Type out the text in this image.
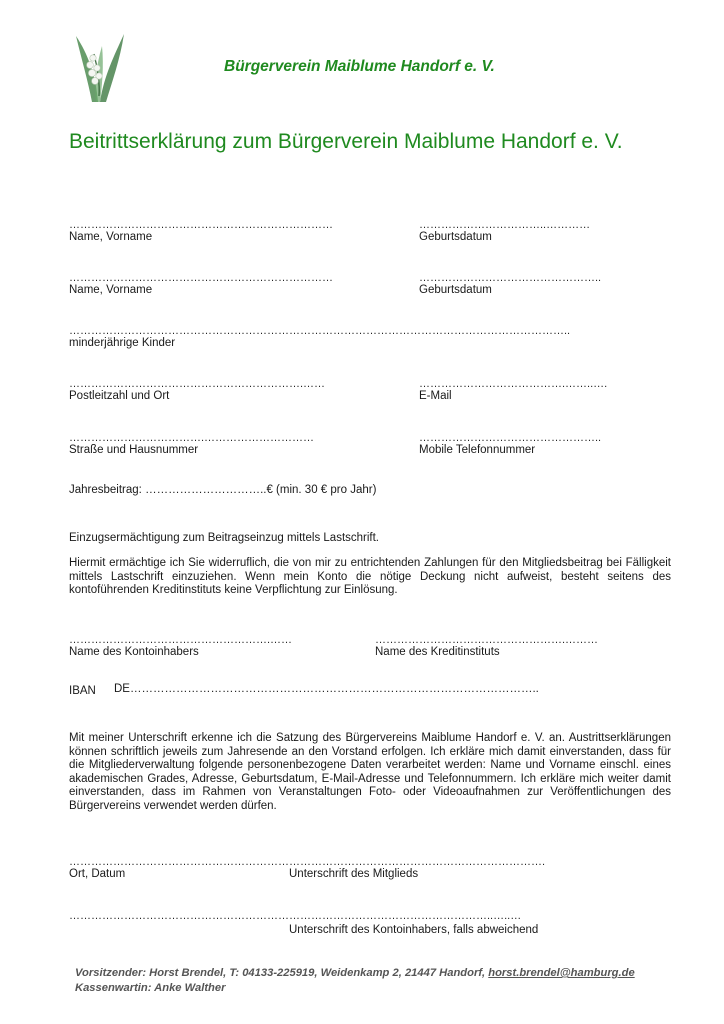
Bürgerverein Maiblume Handorf e. V.
Beitrittserklärung zum Bürgerverein Maiblume Handorf e. V.
………………………………………………………………
Name, Vorname
……………………………..…………
Geburtsdatum
………………………………………………………………
Name, Vorname
…………………………………………..
Geburtsdatum
………………………………………………………………………………………………………………………..
minderjährige Kinder
……………………………………………………….……
Postleitzahl und Ort
………………………………….……..….
E-Mail
……………………………….…………………………
Straße und Hausnummer
…………………………………………..
Mobile Telefonnummer
Jahresbeitrag: …………………………..€ (min. 30 € pro Jahr)
Einzugsermächtigung zum Beitragseinzug mittels Lastschrift.

Hiermit ermächtige ich Sie widerruflich, die von mir zu entrichtenden Zahlungen für den Mitgliedsbeitrag bei Fälligkeit mittels Lastschrift einzuziehen. Wenn mein Konto die nötige Deckung nicht aufweist, besteht seitens des kontoführenden Kreditinstituts keine Verpflichtung zur Einlösung.

……………………………………………….……
Name des Kontoinhabers
…………………………………………….………
Name des Kreditinstituts
IBAN DE……………………………………………………………………………………………..

Mit meiner Unterschrift erkenne ich die Satzung des Bürgervereins Maiblume Handorf e. V. an. Austrittserklärungen können schriftlich jeweils zum Jahresende an den Vorstand erfolgen. Ich erkläre mich damit einverstanden, dass für die Mitgliederverwaltung folgende personenbezogene Daten verarbeitet werden: Name und Vorname einschl. eines akademischen Grades, Adresse, Geburtsdatum, E-Mail-Adresse und Telefonnummern. Ich erkläre mich weiter damit einverstanden, dass im Rahmen von Veranstaltungen Foto- oder Videoaufnahmen zur Veröffentlichungen des Bürgervereins verwendet werden dürfen.

………………………………………………………………………………………………………………….
Ort, Datum	Unterschrift des Mitglieds
……………………………………………………………………………………………………..…..…
Unterschrift des Kontoinhabers, falls abweichend
Vorsitzender: Horst Brendel, T: 04133-225919, Weidenkamp 2, 21447 Handorf, horst.brendel@hamburg.de
Kassenwartin: Anke Walther
